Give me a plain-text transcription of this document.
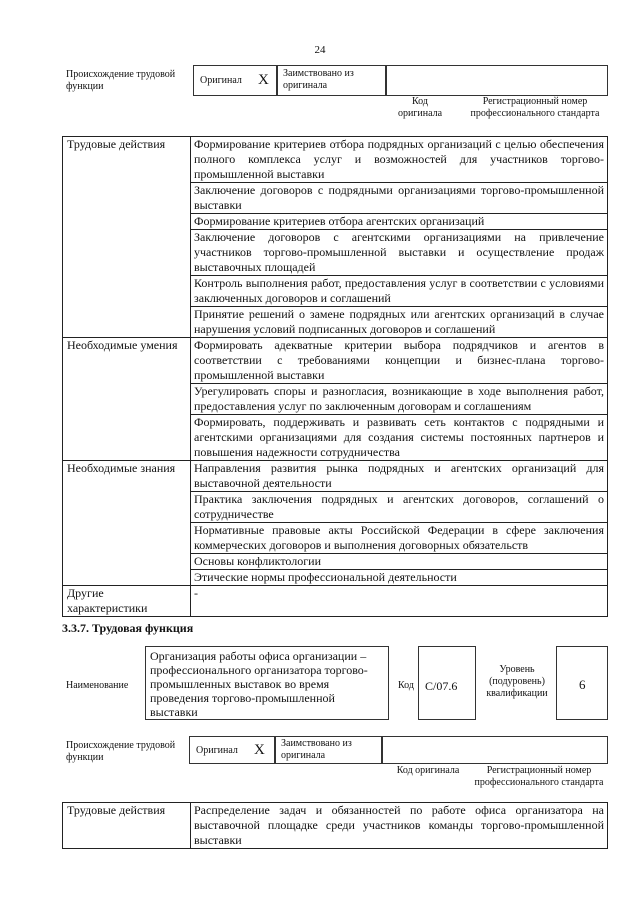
24
Происхождение трудовой функции
Оригинал X Заимствовано из оригинала
Код оригинала
Регистрационный номер профессионального стандарта
Трудовые действия	Формирование критериев отбора подрядных организаций с целью обеспечения полного комплекса услуг и возможностей для участников торгово-промышленной выставки
	Заключение договоров с подрядными организациями торгово-промышленной выставки
	Формирование критериев отбора агентских организаций
	Заключение договоров с агентскими организациями на привлечение участников торгово-промышленной выставки и осуществление продаж выставочных площадей
	Контроль выполнения работ, предоставления услуг в соответствии с условиями заключенных договоров и соглашений
	Принятие решений о замене подрядных или агентских организаций в случае нарушения условий подписанных договоров и соглашений
Необходимые умения	Формировать адекватные критерии выбора подрядчиков и агентов в соответствии с требованиями концепции и бизнес-плана торгово-промышленной выставки
	Урегулировать споры и разногласия, возникающие в ходе выполнения работ, предоставления услуг по заключенным договорам и соглашениям
	Формировать, поддерживать и развивать сеть контактов с подрядными и агентскими организациями для создания системы постоянных партнеров и повышения надежности сотрудничества
Необходимые знания	Направления развития рынка подрядных и агентских организаций для выставочной деятельности
	Практика заключения подрядных и агентских договоров, соглашений о сотрудничестве
	Нормативные правовые акты Российской Федерации в сфере заключения коммерческих договоров и выполнения договорных обязательств
	Основы конфликтологии
	Этические нормы профессиональной деятельности
Другие характеристики	-
3.3.7. Трудовая функция
Наименование
Организация работы офиса организации – профессионального организатора торгово-промышленных выставок во время проведения торгово-промышленной выставки
Код C/07.6
Уровень (подуровень) квалификации
6
Происхождение трудовой функции
Оригинал X Заимствовано из оригинала
Код оригинала	Регистрационный номер профессионального стандарта
Трудовые действия	Распределение задач и обязанностей по работе офиса организатора на выставочной площадке среди участников команды торгово-промышленной выставки
